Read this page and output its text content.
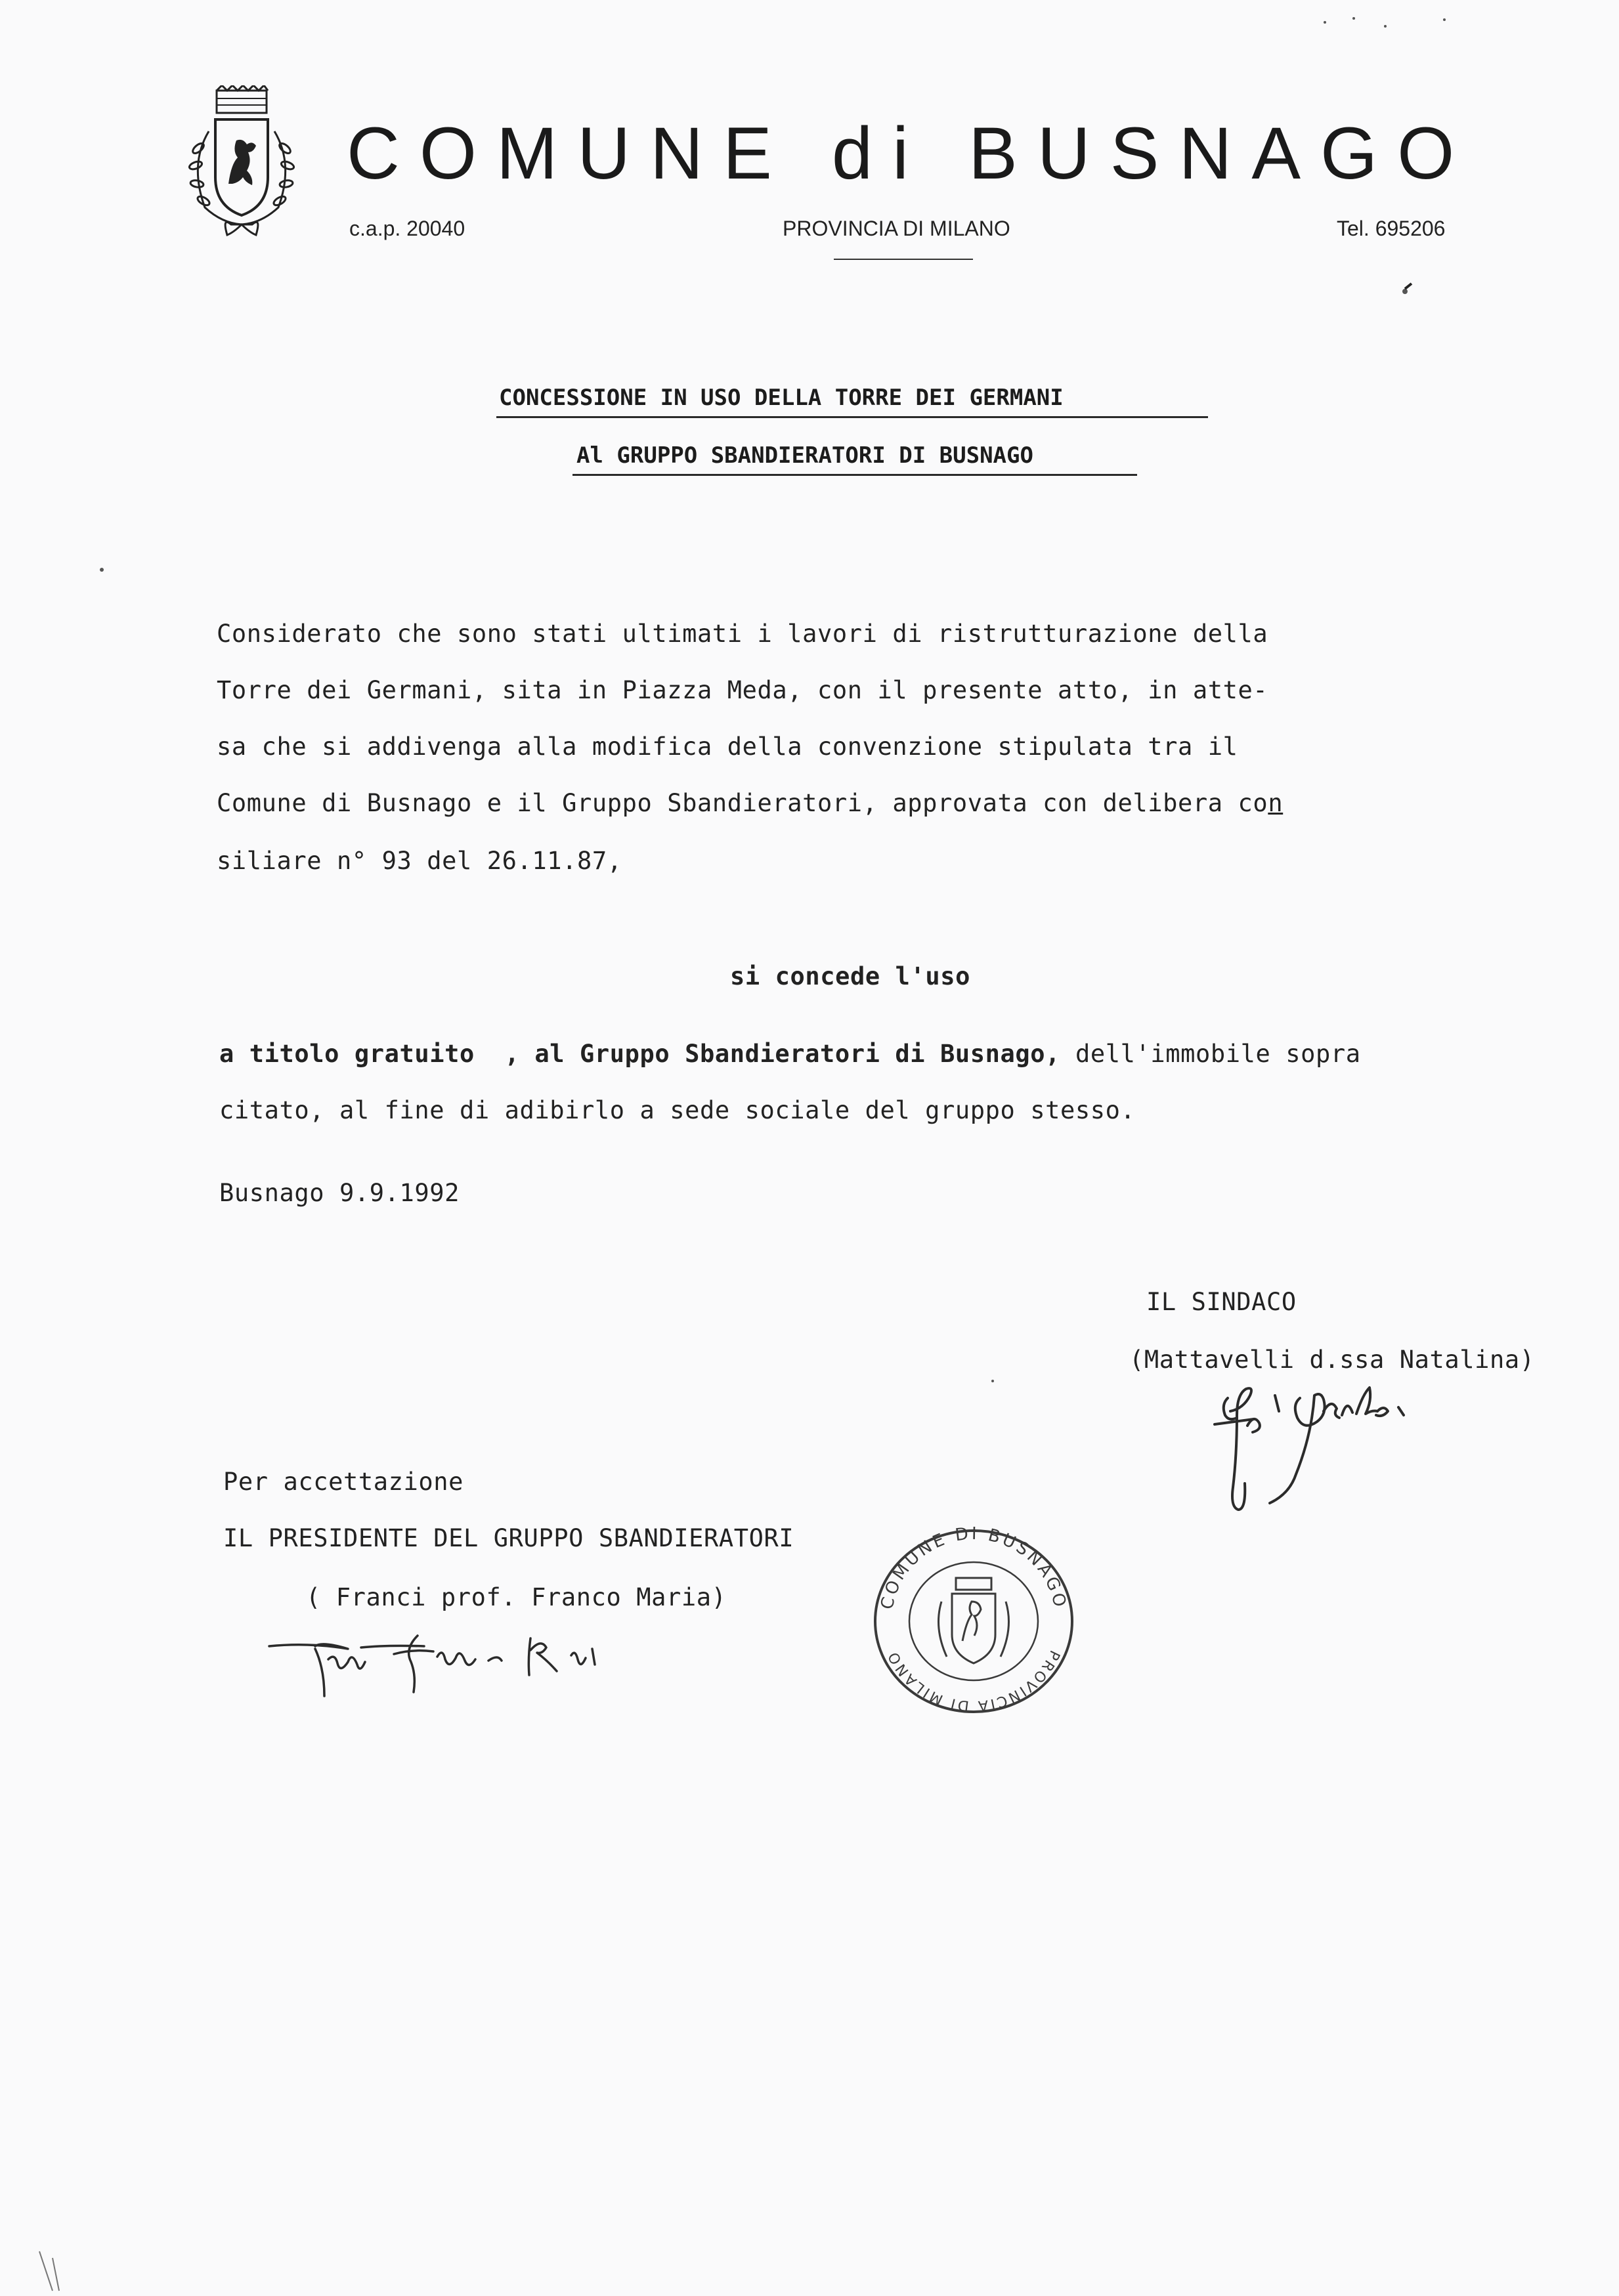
COMUNE di BUSNAGO
c.a.p. 20040	PROVINCIA DI MILANO	Tel. 695206
CONCESSIONE IN USO DELLA TORRE DEI GERMANI
Al GRUPPO SBANDIERATORI DI BUSNAGO
Considerato che sono stati ultimati i lavori di ristrutturazione della
Torre dei Germani, sita in Piazza Meda, con il presente atto, in atte-
sa che si addivenga alla modifica della convenzione stipulata tra il
Comune di Busnago e il Gruppo Sbandieratori, approvata con delibera con
siliare n° 93 del 26.11.87,
si concede l'uso
a titolo gratuito  , al Gruppo Sbandieratori di Busnago, dell'immobile sopra
citato, al fine di adibirlo a sede sociale del gruppo stesso.
Busnago 9.9.1992
IL SINDACO
(Mattavelli d.ssa Natalina)
Per accettazione
IL PRESIDENTE DEL GRUPPO SBANDIERATORI
( Franci prof. Franco Maria)	COMUNE DI BUSNAGO
PROVINCIA DI MILANO
